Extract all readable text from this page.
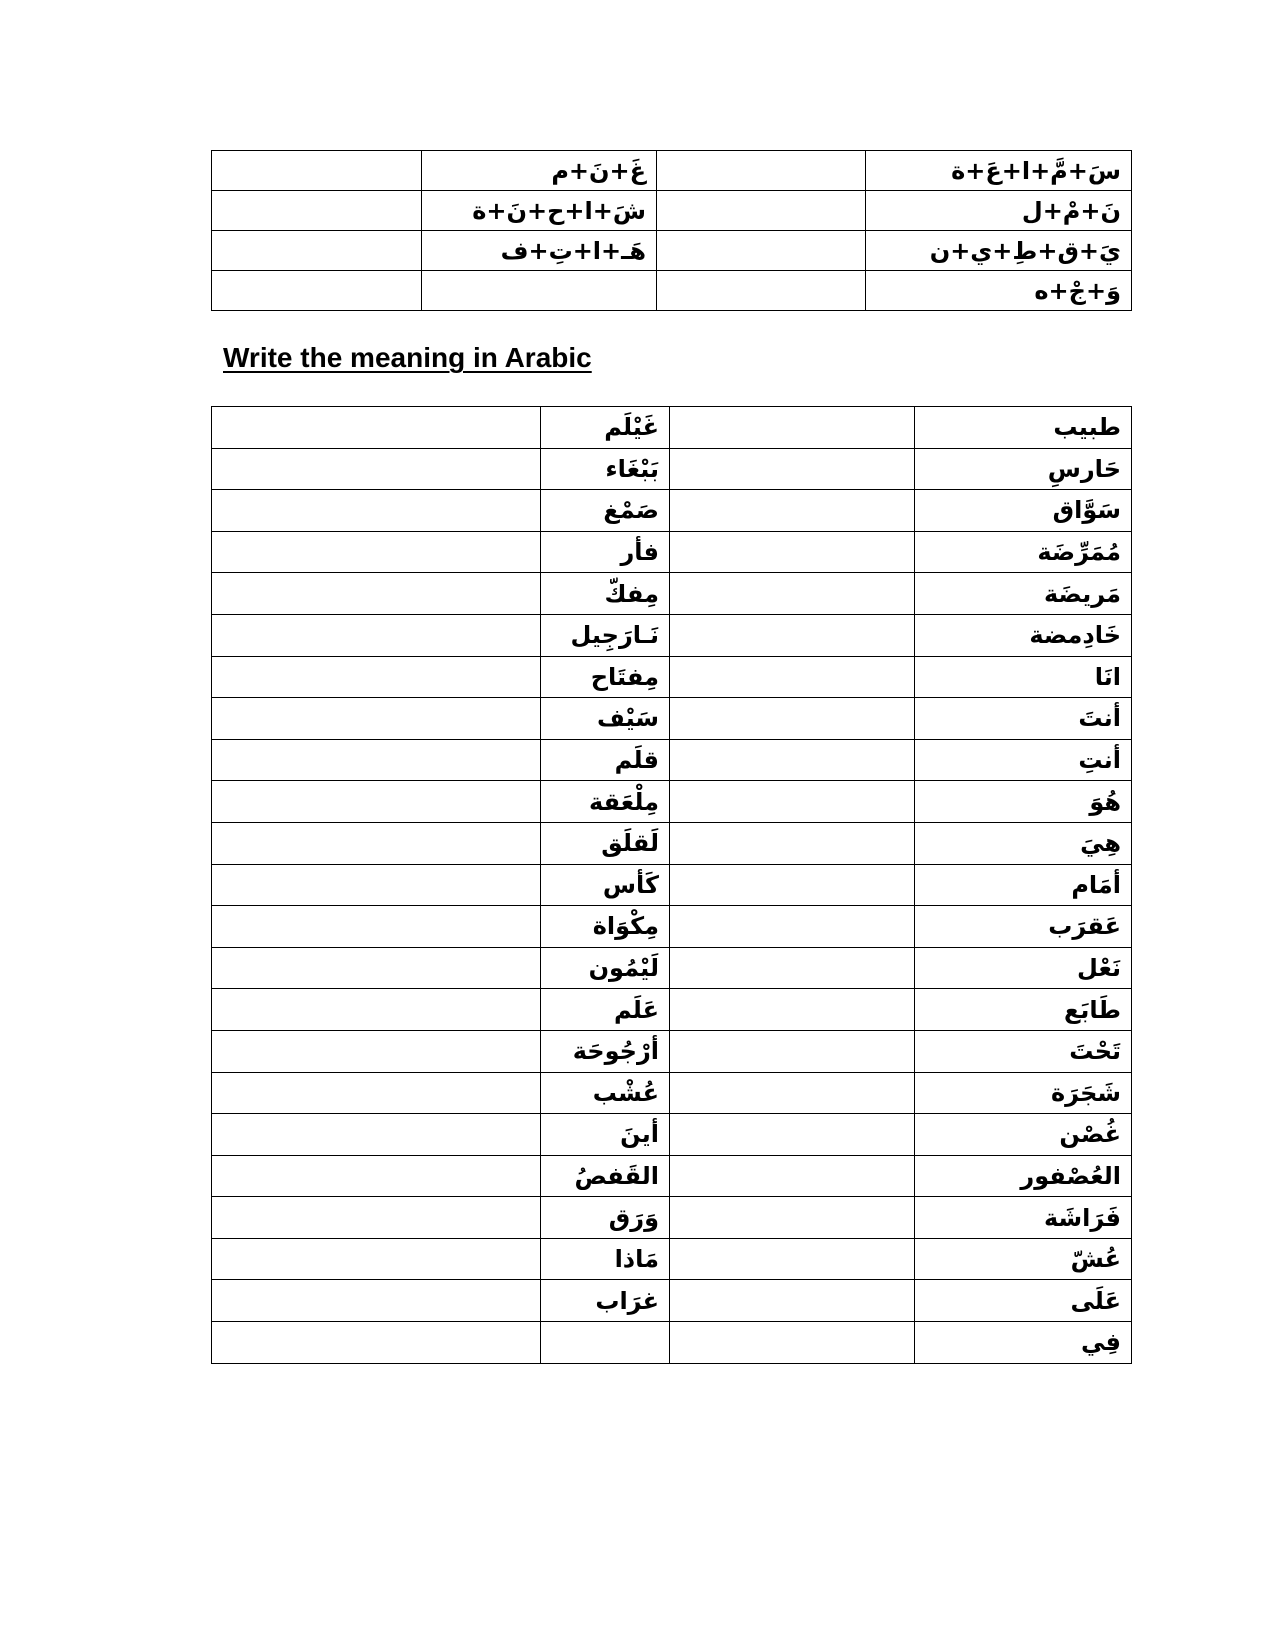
	غَ+نَ+م		سَ+مَّ+ا+عَ+ة
	شَ+ا+ح+نَ+ة		نَ+مْ+ل
	هَـ+ا+تِ+ف		يَ+ق+طِ+ي+ن
			وَ+جْ+ه
Write the meaning in Arabic
	غَيْلَم		طبيب
	بَبْغَاء		حَارسِ
	صَمْغ		سَوَّاق
	فأر		مُمَرِّضَة
	مِفكّ		مَريضَة
	نَـارَجِيل		خَادِمضة
	مِفتَاح		انَا
	سَيْف		أنتَ
	قلَم		أنتِ
	مِلْعَقة		هُوَ
	لَقلَق		هِيَ
	كَأس		أمَام
	مِكْوَاة		عَقرَب
	لَيْمُون		نَعْل
	عَلَم		طَابَع
	أرْجُوحَة		تَحْتَ
	عُشْب		شَجَرَة
	أينَ		غُصْن
	القَفصُ		العُصْفور
	وَرَق		فَرَاشَة
	مَاذا		عُشّ
	غرَاب		عَلَى
			فِي
